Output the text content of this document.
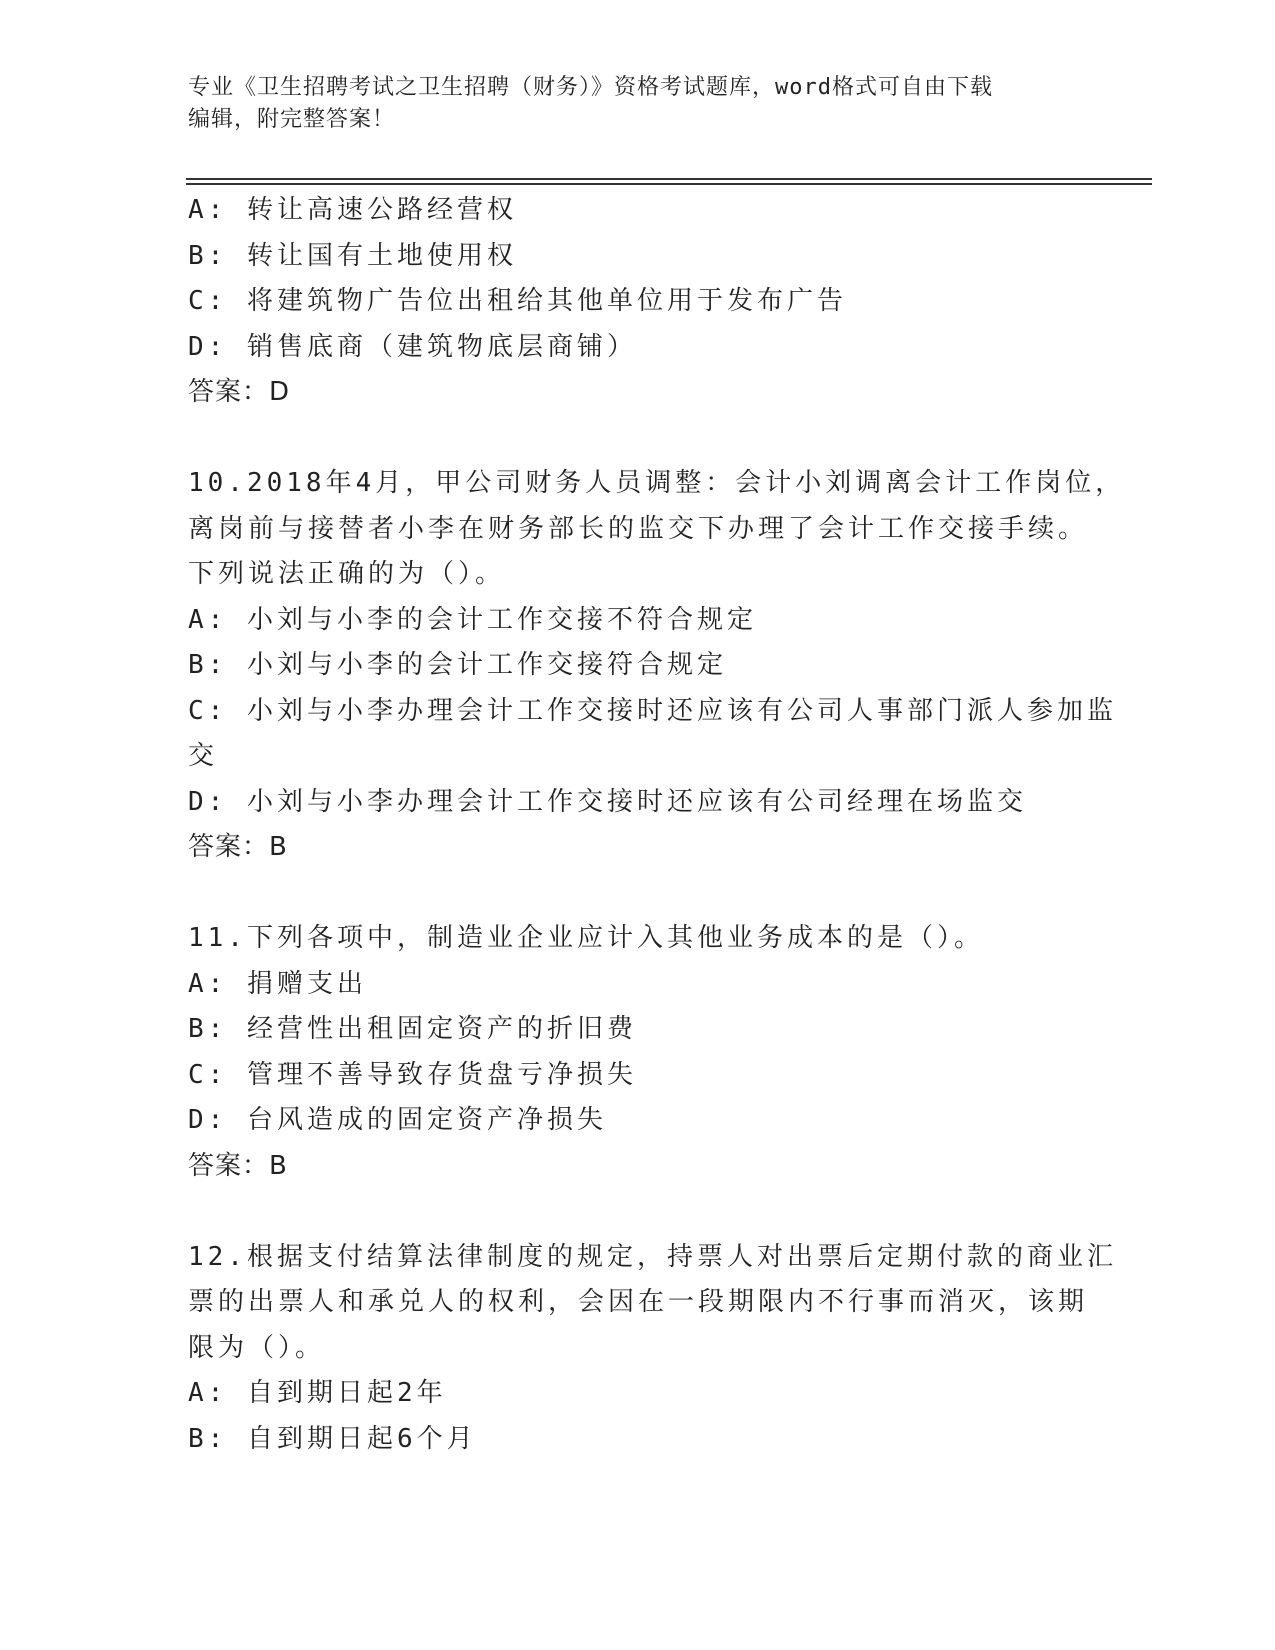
专业《卫生招聘考试之卫生招聘（财务）》资格考试题库，word格式可自由下载
编辑，附完整答案！
A: 转让高速公路经营权
B: 转让国有土地使用权
C: 将建筑物广告位出租给其他单位用于发布广告
D: 销售底商（建筑物底层商铺）
答案：D
10.2018年4月，甲公司财务人员调整：会计小刘调离会计工作岗位，
离岗前与接替者小李在财务部长的监交下办理了会计工作交接手续。
下列说法正确的为（）。
A: 小刘与小李的会计工作交接不符合规定
B: 小刘与小李的会计工作交接符合规定
C: 小刘与小李办理会计工作交接时还应该有公司人事部门派人参加监
交
D: 小刘与小李办理会计工作交接时还应该有公司经理在场监交
答案：B
11.下列各项中，制造业企业应计入其他业务成本的是（）。
A: 捐赠支出
B: 经营性出租固定资产的折旧费
C: 管理不善导致存货盘亏净损失
D: 台风造成的固定资产净损失
答案：B
12.根据支付结算法律制度的规定，持票人对出票后定期付款的商业汇
票的出票人和承兑人的权利，会因在一段期限内不行事而消灭，该期
限为（）。
A: 自到期日起2年
B: 自到期日起6个月
